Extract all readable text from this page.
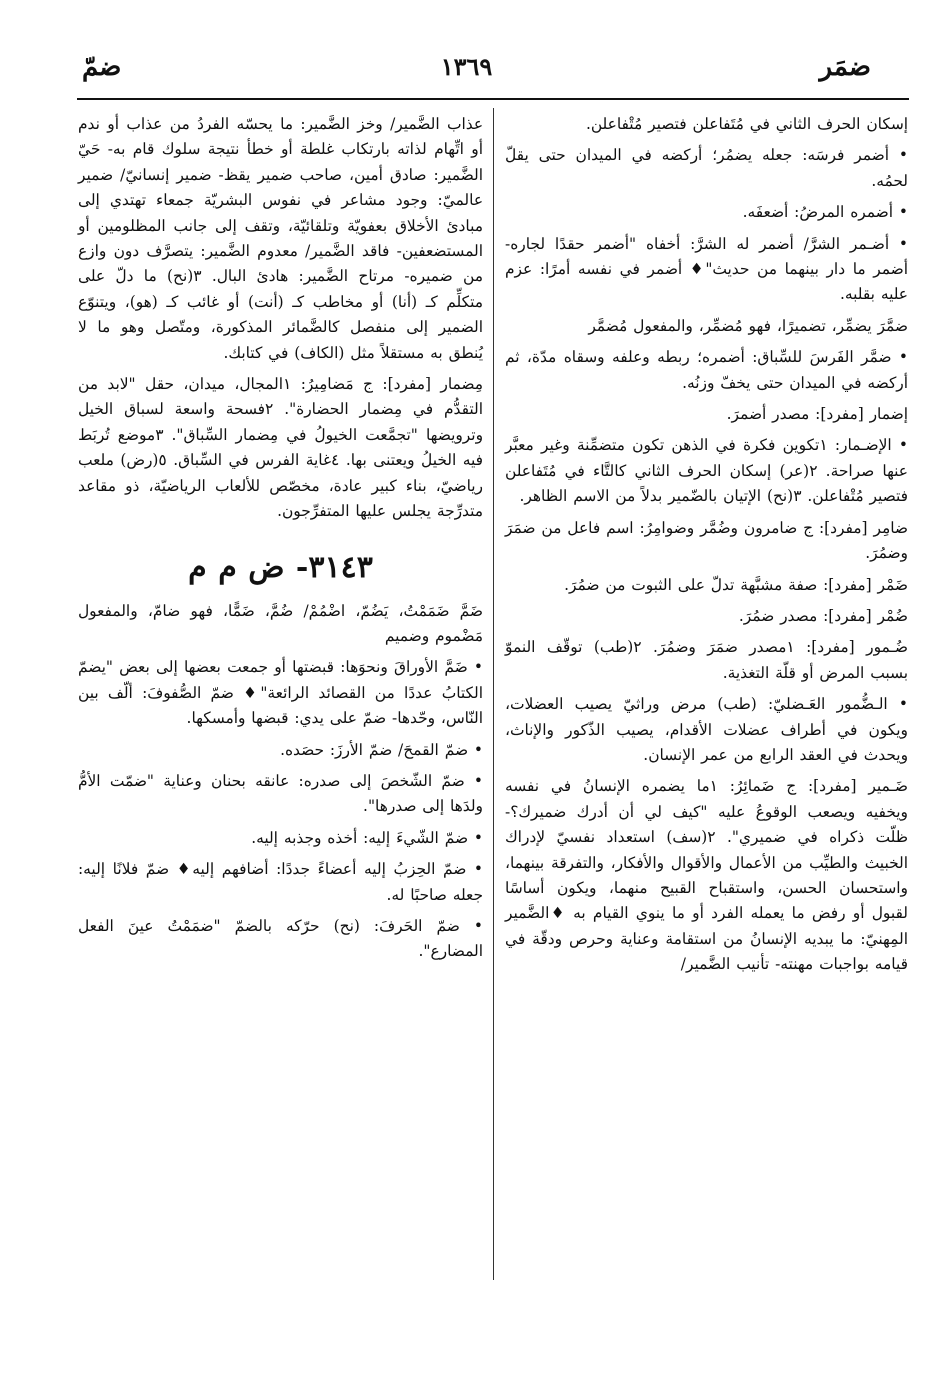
ضمّ	١٣٦٩	ضمَر

إسكان الحرف الثاني في مُتَفاعلن فتصير مُتْفاعلن.

• أضمر فرسَه: جعله يضمُر؛ أركضه في الميدان حتى يقلّ لحمُه.

• أضمره المرضُ: أضعفَه.

• أضـمر الشرَّ/ أضمر له الشرَّ: أخفاه "أضمر حقدًا لجاره- أضمر ما دار بينهما من حديث"♦ أضمر في نفسه أمرًا: عزم عليه بقلبه.

ضمَّرَ يضمِّر، تضميرًا، فهو مُضمِّر، والمفعول مُضمَّر

• ضمَّر الفَرسَ للسِّباق: أضمره؛ ربطه وعلفه وسقاه مدّة، ثم أركضه في الميدان حتى يخفّ وزنُه.

إضمار [مفرد]: مصدر أضمرَ.

• الإضـمار: ١تكوين فكرة في الذهن تكون متضمِّنة وغير معبَّر عنها صراحة. ٢(عر) إسكان الحرف الثاني كالتَّاء في مُتَفاعلن فتصير مُتْفاعلن. ٣(نح) الإتيان بالضّمير بدلاً من الاسم الظاهر.

ضامِر [مفرد]: ج ضامرون وضُمَّر وضوامِرُ: اسم فاعل من ضمَرَ وضمُرَ.

ضَمْر [مفرد]: صفة مشبَّهة تدلّ على الثبوت من ضمُرَ.

ضُمْر [مفرد]: مصدر ضمُرَ.

ضُـمور [مفرد]: ١مصدر ضمَرَ وضمُرَ. ٢(طب) توقّف النموّ بسبب المرض أو قلّة التغذية.

• الـضُّمور العَـضليّ: (طب) مرض وراثيّ يصيب العضلات، ويكون في أطراف عضلات الأقدام، يصيب الذّكور والإناث، ويحدث في العقد الرابع من عمر الإنسان.

ضَـمير [مفرد]: ج ضَمائِرُ: ١ما يضمره الإنسانُ في نفسه ويخفيه ويصعب الوقوعُ عليه "كيف لي أن أدرك ضميرك؟- ظلّت ذكراه في ضميري". ٢(سف) استعداد نفسيّ لإدراك الخبيث والطيِّب من الأعمال والأقوال والأفكار، والتفرقة بينهما، واستحسان الحسن، واستقباح القبيح منهما، ويكون أساسًا لقبول أو رفض ما يعمله الفرد أو ما ينوي القيام به ♦الضَّمير المِهنيّ: ما يبديه الإنسانُ من استقامة وعناية وحرص ودقّة في قيامه بواجبات مهنته- تأنيب الضَّمير/

عذاب الضَّمير/ وخز الضَّمير: ما يحسّه الفردُ من عذاب أو ندم أو اتِّهام لذاته بارتكاب غلطة أو خطأ نتيجة سلوك قام به- حَيّ الضَّمير: صادق أمين، صاحب ضمير يقظ- ضمير إنسانيّ/ ضمير عالميّ: وجود مشاعر في نفوس البشريّة جمعاء تهتدي إلى مبادئ الأخلاق بعفويّة وتلقائيّة، وتقف إلى جانب المظلومين أو المستضعفين- فاقد الضَّمير/ معدوم الضَّمير: يتصرَّف دون وازع من ضميره- مرتاح الضَّمير: هادئ البال. ٣(نح) ما دلّ على متكلِّم كـ (أنا) أو مخاطب كـ (أنت) أو غائب كـ (هو)، ويتنوّع الضمير إلى منفصل كالضَّمائر المذكورة، ومتّصل وهو ما لا يُنطق به مستقلاً مثل (الكاف) في كتابك.

مِضمار [مفرد]: ج مَضامِيرُ: ١المجال، ميدان، حقل "لابد من التقدُّم في مِضمار الحضارة". ٢فسحة واسعة لسباق الخيل وترويضها "تجمَّعت الخيولُ في مِضمار السِّباق". ٣موضع تُربَط فيه الخيلُ ويعتنى بها. ٤غاية الفرس في السِّباق. ٥(رض) ملعب رياضيّ، بناء كبير عادة، مخصّص للألعاب الرياضيّة، ذو مقاعد متدرِّجة يجلس عليها المتفرِّجون.

٣١٤٣- ض م م

ضَمَّ ضَمَمْتُ، يَضُمّ، اضْمُمْ/ ضُمَّ، ضَمًّا، فهو ضامّ، والمفعول مَضْموم وضميم

• ضَمَّ الأوراقَ ونحوَها: قبضتها أو جمعت بعضها إلى بعض "يضمّ الكتابُ عددًا من القصائد الرائعة"♦ ضمّ الصُّفوفَ: ألّف بين النّاس، وحّدها- ضمّ على يدي: قبضها وأمسكها.

• ضمّ القمحَ/ ضمّ الأرزَ: حصَده.

• ضمّ الشّخصَ إلى صدره: عانقه بحنان وعناية "ضمّت الأمُّ ولدَها إلى صدرها".

• ضمّ الشّيءَ إليه: أخذه وجذبه إليه.

• ضمّ الحِزبُ إليه أعضاءً جددًا: أضافهم إليه♦ ضمّ فلانًا إليه: جعله صاحبًا له.

• ضمّ الحَرفَ: (نح) حرّكه بالضمّ "ضمَمْتُ عينَ الفعل المضارع".
